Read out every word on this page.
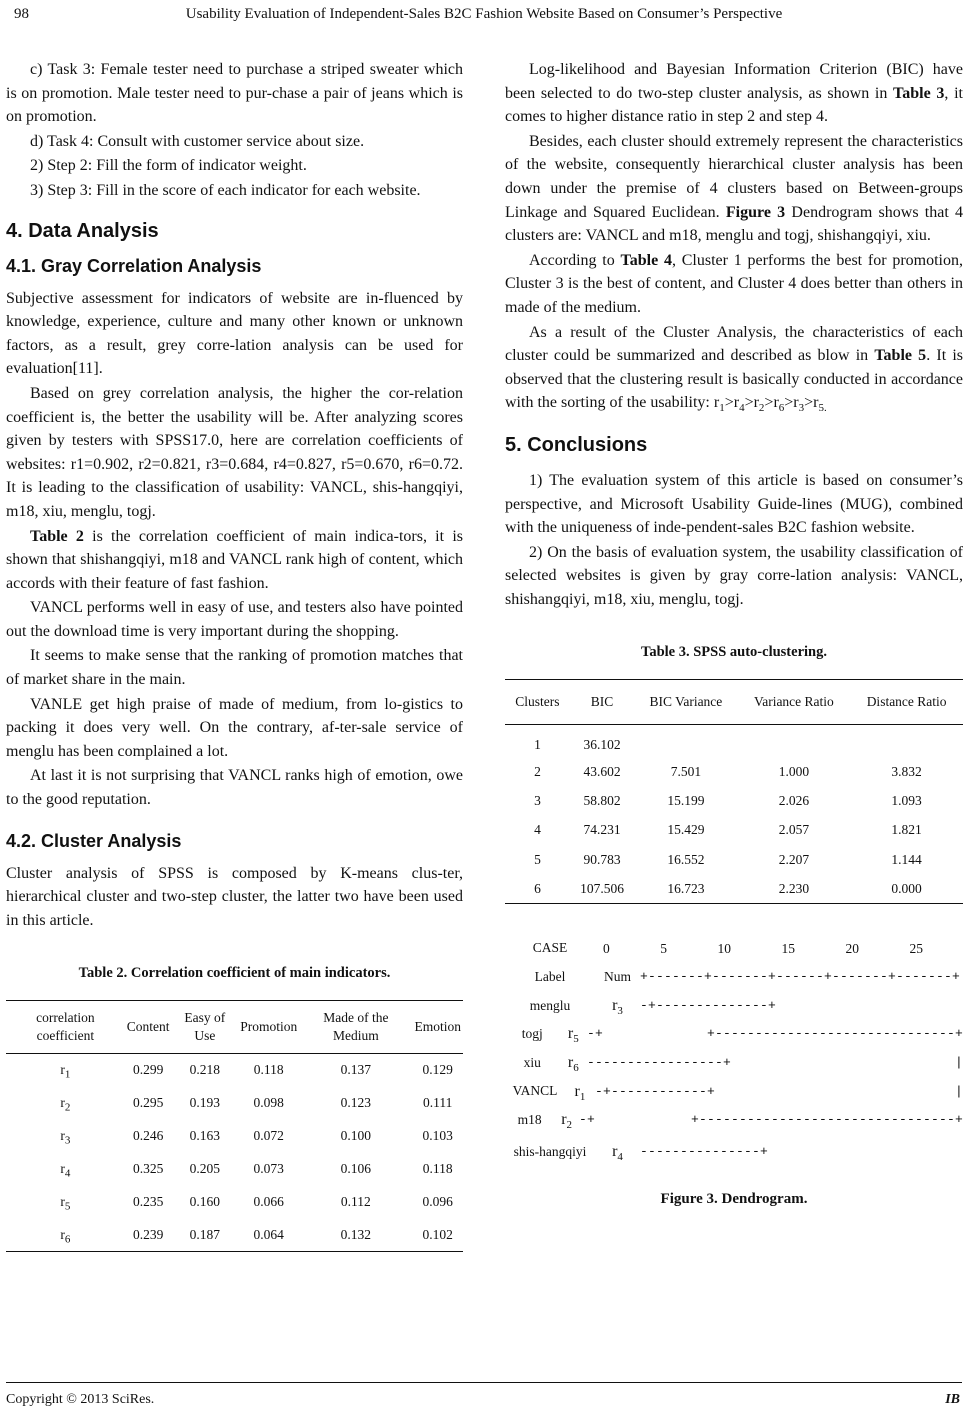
98	Usability Evaluation of Independent-Sales B2C Fashion Website Based on Consumer’s Perspective

c) Task 3: Female tester need to purchase a striped sweater which is on promotion. Male tester need to pur-chase a pair of jeans which is on promotion.

d) Task 4: Consult with customer service about size.

2) Step 2: Fill the form of indicator weight.

3) Step 3: Fill in the score of each indicator for each website.

4. Data Analysis
4.1. Gray Correlation Analysis

Subjective assessment for indicators of website are in-fluenced by knowledge, experience, culture and many other known or unknown factors, as a result, grey corre-lation analysis can be used for evaluation[11].

Based on grey correlation analysis, the higher the cor-relation coefficient is, the better the usability will be. After analyzing scores given by testers with SPSS17.0, here are correlation coefficients of websites: r1=0.902, r2=0.821, r3=0.684, r4=0.827, r5=0.670, r6=0.72. It is leading to the classification of usability: VANCL, shis-hangqiyi, m18, xiu, menglu, togj.

Table 2 is the correlation coefficient of main indica-tors, it is shown that shishangqiyi, m18 and VANCL rank high of content, which accords with their feature of fast fashion.

VANCL performs well in easy of use, and testers also have pointed out the download time is very important during the shopping.

It seems to make sense that the ranking of promotion matches that of market share in the main.

VANLE get high praise of made of medium, from lo-gistics to packing it does very well. On the contrary, af-ter-sale service of menglu has been complained a lot.

At last it is not surprising that VANCL ranks high of emotion, owe to the good reputation.

4.2. Cluster Analysis

Cluster analysis of SPSS is composed by K-means clus-ter, hierarchical cluster and two-step cluster, the latter two have been used in this article.

Table 2. Correlation coefficient of main indicators.
correlation coefficient	Content	Easy of Use	Promotion	Made of the Medium	Emotion
$r_1$	0.299	0.218	0.118	0.137	0.129
$r_2$	0.295	0.193	0.098	0.123	0.111
$r_3$	0.246	0.163	0.072	0.100	0.103
$r_4$	0.325	0.205	0.073	0.106	0.118
$r_5$	0.235	0.160	0.066	0.112	0.096
$r_6$	0.239	0.187	0.064	0.132	0.102

Log-likelihood and Bayesian Information Criterion (BIC) have been selected to do two-step cluster analysis, as shown in Table 3, it comes to higher distance ratio in step 2 and step 4.

Besides, each cluster should extremely represent the characteristics of the website, consequently hierarchical cluster analysis has been down under the premise of 4 clusters based on Between-groups Linkage and Squared Euclidean. Figure 3 Dendrogram shows that 4 clusters are: VANCL and m18, menglu and togj, shishangqiyi, xiu.

According to Table 4, Cluster 1 performs the best for promotion, Cluster 3 is the best of content, and Cluster 4 does better than others in made of the medium.

As a result of the Cluster Analysis, the characteristics of each cluster could be summarized and described as blow in Table 5. It is observed that the clustering result is basically conducted in accordance with the sorting of the usability: $r_1>r_4>r_2>r_6>r_3>r_{5.}$

5. Conclusions

1) The evaluation system of this article is based on consumer’s perspective, and Microsoft Usability Guide-lines (MUG), combined with the uniqueness of inde-pendent-sales B2C fashion website.

2) On the basis of evaluation system, the usability classification of selected websites is given by gray corre-lation analysis: VANCL, shishangqiyi, m18, xiu, menglu, togj.

Table 3. SPSS auto-clustering.
Clusters	BIC	BIC Variance	Variance Ratio	Distance Ratio
1	36.102			
2	43.602	7.501	1.000	3.832
3	58.802	15.199	2.026	1.093
4	74.231	15.429	2.057	1.821
5	90.783	16.552	2.207	1.144
6	107.506	16.723	2.230	0.000
CASE	0	5	10	15	20	25
Label	Num +-------+-------+------+-------+-------+
menglu	$r_3$	-+--------------+
togj	$r_5$ -+             +------------------------------+
xiu	$r_6$ -----------------+                            |
VANCL	$r_1$ -+------------+                              |
m18	$r_2$ -+            +--------------------------------+
shis-hangqiyi	$r_4$	---------------+
Figure 3. Dendrogram.
Copyright © 2013 SciRes.	IB
